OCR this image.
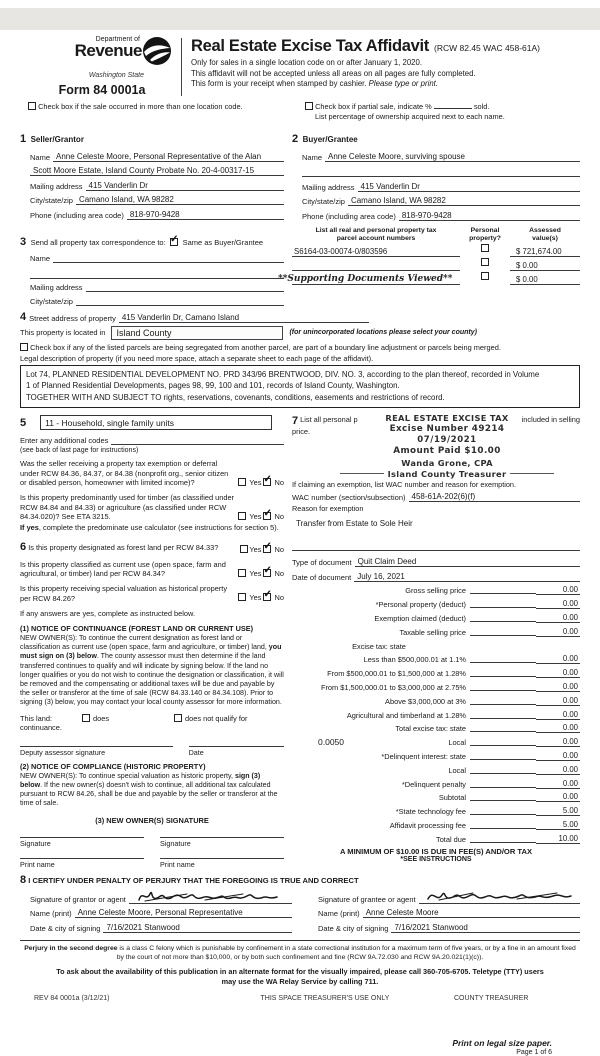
Department of
Revenue
Washington State
Form 84 0001a
Real Estate Excise Tax Affidavit (RCW 82.45 WAC 458-61A)
Only for sales in a single location code on or after January 1, 2020.
This affidavit will not be accepted unless all areas on all pages are fully completed.
This form is your receipt when stamped by cashier. Please type or print.
Check box if the sale occurred in more than one location code.	Check box if partial sale, indicate %	sold.
List percentage of ownership acquired next to each name.
1 Seller/Grantor
Name Anne Celeste Moore, Personal Representative of the Alan
Scott Moore Estate, Island County Probate No. 20-4-00317-15
Mailing address 415 Vanderlin Dr
City/state/zip Camano Island, WA 98282
Phone (including area code) 818-970-9428
3 Send all property tax correspondence to: ✓ Same as Buyer/Grantee
Name
Mailing address
City/state/zip
2 Buyer/Grantee
Name Anne Celeste Moore, surviving spouse
Mailing address 415 Vanderlin Dr
City/state/zip Camano Island, WA 98282
Phone (including area code) 818-970-9428
List all real and personal property tax
parcel account numbers
Personal
property?
Assessed
value(s)
S6164-03-00074-0/803596	$ 721,674.00
$ 0.00
**Supporting Documents Viewed**	$ 0.00
4 Street address of property 415 Vanderlin Dr, Camano Island
This property is located in	Island County	(for unincorporated locations please select your county)
Check box if any of the listed parcels are being segregated from another parcel, are part of a boundary line adjustment or parcels being merged.
Legal description of property (if you need more space, attach a separate sheet to each page of the affidavit).
Lot 74, PLANNED RESIDENTIAL DEVELOPMENT NO. PRD 343/96 BRENTWOOD, DIV. NO. 3, according to the plan thereof, recorded in Volume
1 of Planned Residential Developments, pages 98, 99, 100 and 101, records of Island County, Washington.
TOGETHER WITH AND SUBJECT TO rights, reservations, covenants, conditions, easements and restrictions of record.
5	11 - Household, single family units
Enter any additional codes
(see back of last page for instructions)
Was the seller receiving a property tax exemption or deferral under RCW 84.36, 84.37, or 84.38 (nonprofit org., senior citizen or disabled person, homeowner with limited income)?	Yes ✓ No
Is this property predominantly used for timber (as classified under RCW 84.84 and 84.33) or agriculture (as classified under RCW 84.34.020)? See ETA 3215.	Yes ✓ No
If yes, complete the predominate use calculator (see instructions for section 5).
6 Is this property designated as forest land per RCW 84.33?	Yes ✓ No
Is this property classified as current use (open space, farm and agricultural, or timber) land per RCW 84.34?	Yes ✓ No
Is this property receiving special valuation as historical property per RCW 84.26?	Yes ✓ No
If any answers are yes, complete as instructed below.
(1) NOTICE OF CONTINUANCE (FOREST LAND OR CURRENT USE)
NEW OWNER(S): To continue the current designation as forest land or classification as current use (open space, farm and agriculture, or timber) land, you must sign on (3) below. The county assessor must then determine if the land transferred continues to qualify and will indicate by signing below. If the land no longer qualifies or you do not wish to continue the designation or classification, it will be removed and the compensating or additional taxes will be due and payable by the seller or transferor at the time of sale (RCW 84.33.140 or 84.34.108). Prior to signing (3) below, you may contact your local county assessor for more information.
This land:	does	does not qualify for
continuance.
Deputy assessor signature	Date
(2) NOTICE OF COMPLIANCE (HISTORIC PROPERTY)
NEW OWNER(S): To continue special valuation as historic property, sign (3) below. If the new owner(s) doesn't wish to continue, all additional tax calculated pursuant to RCW 84.26, shall be due and payable by the seller or transferor at the time of sale.
(3) NEW OWNER(S) SIGNATURE
Signature	Signature
Print name	Print name
REAL ESTATE EXCISE TAX
Excise Number 49214
07/19/2021
Amount Paid $10.00
Wanda Grone, CPA
Island County Treasurer
7 List all personal p	included in selling
price.
If claiming an exemption, list WAC number and reason for exemption.
WAC number (section/subsection) 458-61A-202(6)(f)
Reason for exemption
Transfer from Estate to Sole Heir
Type of document Quit Claim Deed
Date of document July 16, 2021
Gross selling price	0.00
*Personal property (deduct)	0.00
Exemption claimed (deduct)	0.00
Taxable selling price	0.00
Excise tax: state
Less than $500,000.01 at 1.1%	0.00
From $500,000.01 to $1,500,000 at 1.28%	0.00
From $1,500,000.01 to $3,000,000 at 2.75%	0.00
Above $3,000,000 at 3%	0.00
Agricultural and timberland at 1.28%	0.00
Total excise tax: state	0.00
0.0050	Local	0.00
*Delinquent interest: state	0.00
Local	0.00
*Delinquent penalty	0.00
Subtotal	0.00
*State technology fee	5.00
Affidavit processing fee	5.00
Total due	10.00
A MINIMUM OF $10.00 IS DUE IN FEE(S) AND/OR TAX
*SEE INSTRUCTIONS
8 I CERTIFY UNDER PENALTY OF PERJURY THAT THE FOREGOING IS TRUE AND CORRECT
Signature of grantor or agent
Name (print) Anne Celeste Moore, Personal Representative
Date & city of signing 7/16/2021 Stanwood
Signature of grantee or agent
Name (print) Anne Celeste Moore
Date & city of signing 7/16/2021 Stanwood
Perjury in the second degree is a class C felony which is punishable by confinement in a state correctional institution for a maximum term of five years, or by a fine in an amount fixed by the court of not more than $10,000, or by both such confinement and fine (RCW 9A.72.030 and RCW 9A.20.021(1)(c)).
To ask about the availability of this publication in an alternate format for the visually impaired, please call 360-705-6705. Teletype (TTY) users may use the WA Relay Service by calling 711.
REV 84 0001a (3/12/21)	THIS SPACE TREASURER'S USE ONLY	COUNTY TREASURER
Print on legal size paper.
Page 1 of 6
